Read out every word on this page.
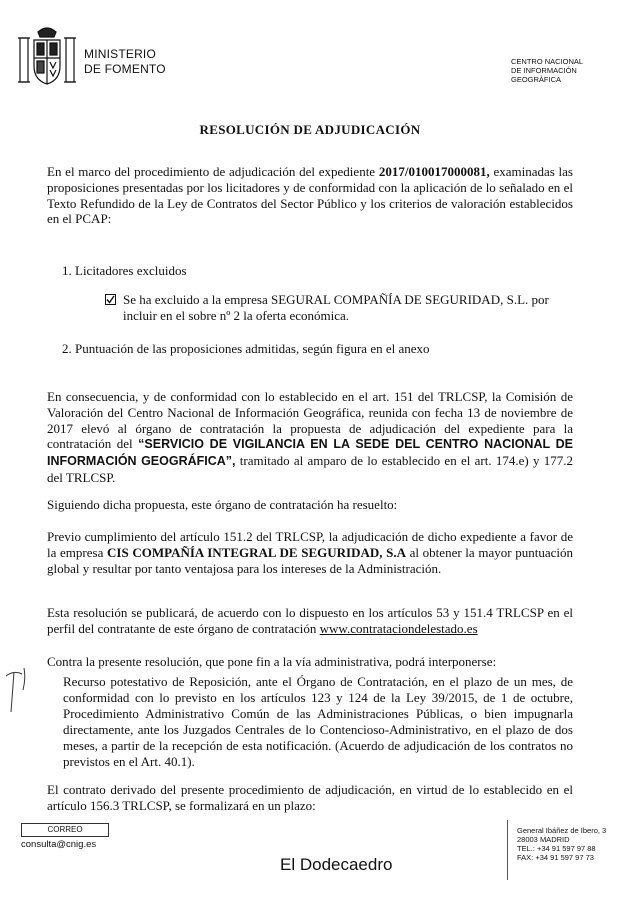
MINISTERIO
DE FOMENTO
CENTRO NACIONAL
DE INFORMACIÓN
GEOGRÁFICA
RESOLUCIÓN DE ADJUDICACIÓN
En el marco del procedimiento de adjudicación del expediente 2017/010017000081, examinadas las proposiciones presentadas por los licitadores y de conformidad con la aplicación de lo señalado en el Texto Refundido de la Ley de Contratos del Sector Público y los criterios de valoración establecidos en el PCAP:
1. Licitadores excluidos
Se ha excluido a la empresa SEGURAL COMPAÑÍA DE SEGURIDAD, S.L. por incluir en el sobre nº 2 la oferta económica.
2. Puntuación de las proposiciones admitidas, según figura en el anexo
En consecuencia, y de conformidad con lo establecido en el art. 151 del TRLCSP, la Comisión de Valoración del Centro Nacional de Información Geográfica, reunida con fecha 13 de noviembre de 2017 elevó al órgano de contratación la propuesta de adjudicación del expediente para la contratación del “SERVICIO DE VIGILANCIA EN LA SEDE DEL CENTRO NACIONAL DE INFORMACIÓN GEOGRÁFICA”, tramitado al amparo de lo establecido en el art. 174.e) y 177.2 del TRLCSP.
Siguiendo dicha propuesta, este órgano de contratación ha resuelto:
Previo cumplimiento del artículo 151.2 del TRLCSP, la adjudicación de dicho expediente a favor de la empresa CIS COMPAÑÍA INTEGRAL DE SEGURIDAD, S.A al obtener la mayor puntuación global y resultar por tanto ventajosa para los intereses de la Administración.
Esta resolución se publicará, de acuerdo con lo dispuesto en los artículos 53 y 151.4 TRLCSP en el perfil del contratante de este órgano de contratación www.contrataciondelestado.es
Contra la presente resolución, que pone fin a la vía administrativa, podrá interponerse:
Recurso potestativo de Reposición, ante el Órgano de Contratación, en el plazo de un mes, de conformidad con lo previsto en los artículos 123 y 124 de la Ley 39/2015, de 1 de octubre, Procedimiento Administrativo Común de las Administraciones Públicas, o bien impugnarla directamente, ante los Juzgados Centrales de lo Contencioso-Administrativo, en el plazo de dos meses, a partir de la recepción de esta notificación. (Acuerdo de adjudicación de los contratos no previstos en el Art. 40.1).
El contrato derivado del presente procedimiento de adjudicación, en virtud de lo establecido en el artículo 156.3 TRLCSP, se formalizará en un plazo:
CORREO
consulta@cnig.es
El Dodecaedro
General Ibáñez de Ibero, 3
28003 MADRID
TEL.: +34 91 597 97 88
FAX: +34 91 597 97 73
